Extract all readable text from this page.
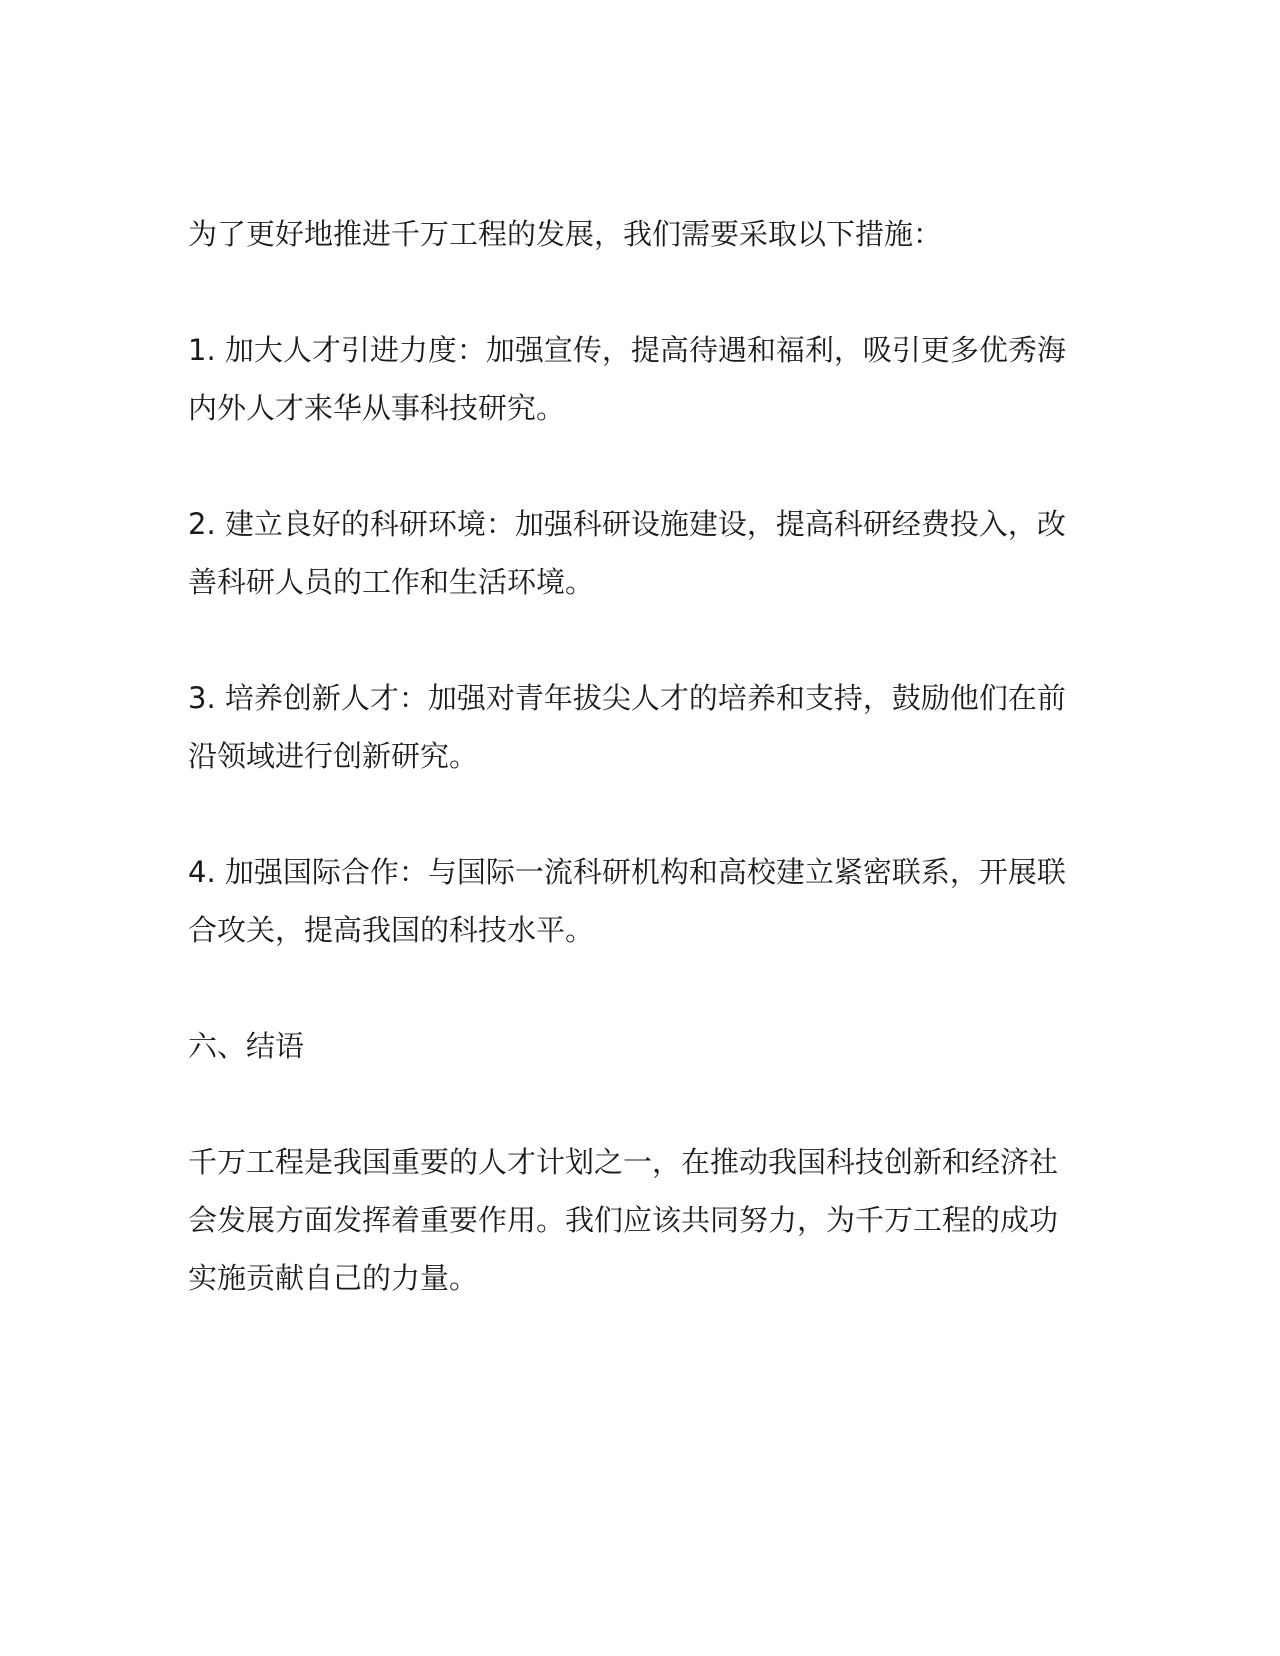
为了更好地推进千万工程的发展，我们需要采取以下措施：

1. 加大人才引进力度：加强宣传，提高待遇和福利，吸引更多优秀海内外人才来华从事科技研究。

2. 建立良好的科研环境：加强科研设施建设，提高科研经费投入，改善科研人员的工作和生活环境。

3. 培养创新人才：加强对青年拔尖人才的培养和支持，鼓励他们在前沿领域进行创新研究。

4. 加强国际合作：与国际一流科研机构和高校建立紧密联系，开展联合攻关，提高我国的科技水平。

六、结语

千万工程是我国重要的人才计划之一，在推动我国科技创新和经济社会发展方面发挥着重要作用。我们应该共同努力，为千万工程的成功实施贡献自己的力量。
